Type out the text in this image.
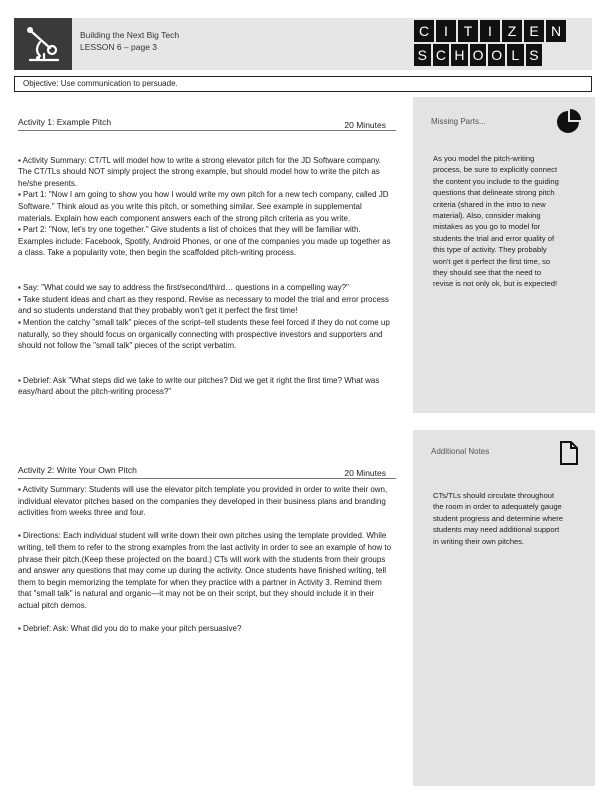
Building the Next Big Tech
LESSON 6 – page 3
C	I	T	I	Z E N
S C H O O L S
Objective: Use communication to persuade.
Activity 1: Example Pitch	20 Minutes

▪ Activity Summary: CT/TL will model how to write a strong elevator pitch for the JD Software company. The CT/TLs should NOT simply project the strong example, but should model how to write the pitch as he/she presents.
▪ Part 1: "Now I am going to show you how I would write my own pitch for a new tech company, called JD Software." Think aloud as you write this pitch, or something similar. See example in supplemental materials. Explain how each component answers each of the strong pitch criteria as you write.
▪ Part 2: "Now, let's try one together." Give students a list of choices that they will be familiar with. Examples include: Facebook, Spotify, Android Phones, or one of the companies you made up together as a class. Take a popularity vote, then begin the scaffolded pitch-writing process.

▪ Say: "What could we say to address the first/second/third… questions in a compelling way?"
▪ Take student ideas and chart as they respond. Revise as necessary to model the trial and error process and so students understand that they probably won't get it perfect the first time!
▪ Mention the catchy "small talk" pieces of the script–tell students these feel forced if they do not come up naturally, so they should focus on organically connecting with prospective investors and supporters and should not follow the "small talk" pieces of the script verbatim.

▪ Debrief: Ask "What steps did we take to write our pitches? Did we get it right the first time? What was easy/hard about the pitch-writing process?"

Activity 2: Write Your Own Pitch	20 Minutes

▪ Activity Summary: Students will use the elevator pitch template you provided in order to write their own, individual elevator pitches based on the companies they developed in their business plans and branding activities from weeks three and four.

▪ Directions: Each individual student will write down their own pitches using the template provided. While writing, tell them to refer to the strong examples from the last activity in order to see an example of how to phrase their pitch.(Keep these projected on the board.) CTs will work with the students from their groups and answer any questions that may come up during the activity. Once students have finished writing, tell them to begin memorizing the template for when they practice with a partner in Activity 3. Remind them that "small talk" is natural and organic—it may not be on their script, but they should include it in their actual pitch demos.

▪ Debrief: Ask: What did you do to make your pitch persuasive?

Missing Parts...
As you model the pitch-writing process, be sure to explicitly connect the content you include to the guiding questions that delineate strong pitch criteria (shared in the intro to new material). Also, consider making mistakes as you go to model for students the trial and error quality of this type of activity. They probably won't get it perfect the first time, so they should see that the need to revise is not only ok, but is expected!
Additional Notes
CTs/TLs should circulate throughout the room in order to adequately gauge student progress and determine where students may need additional support in writing their own pitches.
